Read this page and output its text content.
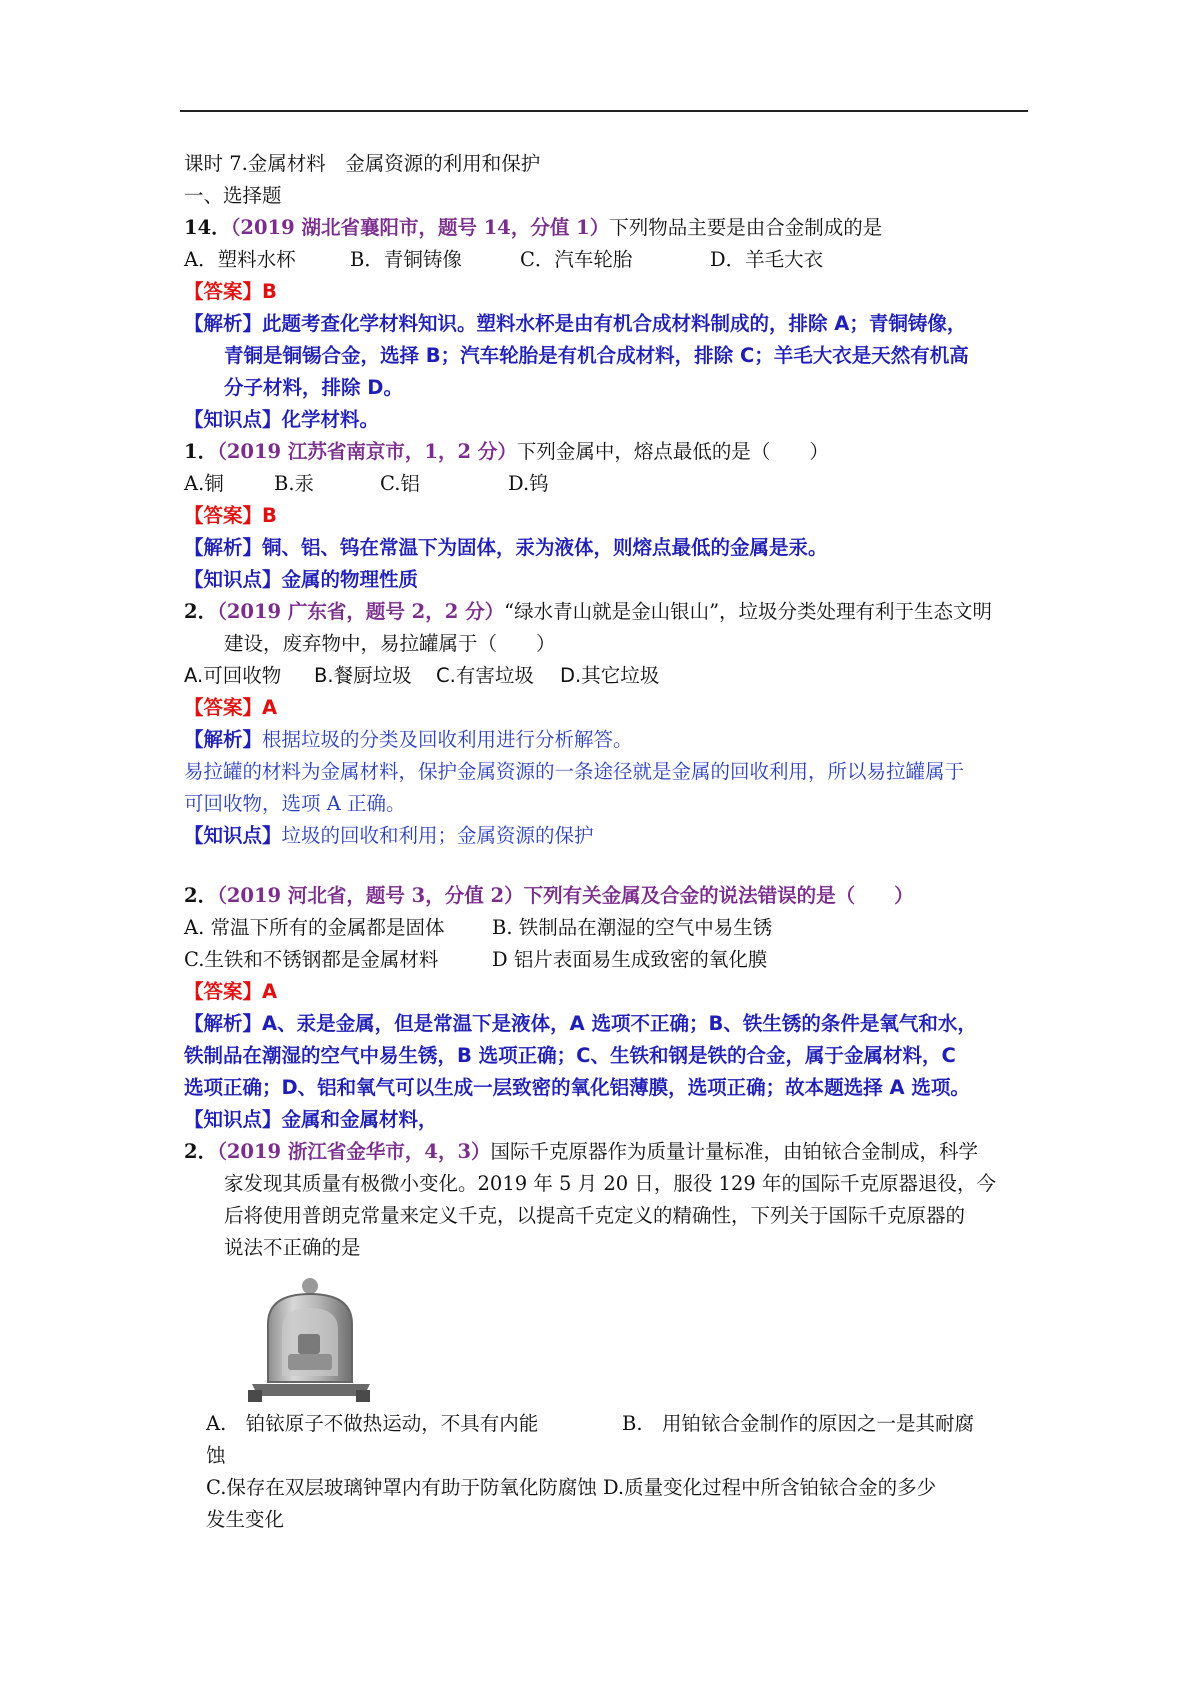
课时 7.金属材料　金属资源的利用和保护
一、选择题
14．（2019 湖北省襄阳市，题号 14，分值 1）下列物品主要是由合金制成的是
A．塑料水杯	B．青铜铸像	C．汽车轮胎	D．羊毛大衣
【答案】B
【解析】此题考查化学材料知识。塑料水杯是由有机合成材料制成的，排除 A；青铜铸像，
青铜是铜锡合金，选择 B；汽车轮胎是有机合成材料，排除 C；羊毛大衣是天然有机高
分子材料，排除 D。
【知识点】化学材料。
1．（2019 江苏省南京市，1，2 分）下列金属中，熔点最低的是（　　）
A.铜	B.汞	C.铝	D.钨
【答案】B
【解析】铜、铝、钨在常温下为固体，汞为液体，则熔点最低的金属是汞。
【知识点】金属的物理性质
2．（2019 广东省，题号 2，2 分）“绿水青山就是金山银山”，垃圾分类处理有利于生态文明
建设，废弃物中，易拉罐属于（　　）
A.可回收物 B.餐厨垃圾 C.有害垃圾 D.其它垃圾
【答案】A
【解析】根据垃圾的分类及回收利用进行分析解答。
易拉罐的材料为金属材料，保护金属资源的一条途径就是金属的回收利用，所以易拉罐属于
可回收物，选项 A 正确。
【知识点】垃圾的回收和利用；金属资源的保护
2．（2019 河北省，题号 3，分值 2）下列有关金属及合金的说法错误的是（　　）
A. 常温下所有的金属都是固体 B. 铁制品在潮湿的空气中易生锈
C.生铁和不锈钢都是金属材料	D 铝片表面易生成致密的氧化膜
【答案】A
【解析】A、汞是金属，但是常温下是液体，A 选项不正确；B、铁生锈的条件是氧气和水，
铁制品在潮湿的空气中易生锈，B 选项正确；C、生铁和钢是铁的合金，属于金属材料，C
选项正确；D、铝和氧气可以生成一层致密的氧化铝薄膜，选项正确；故本题选择 A 选项。
【知识点】金属和金属材料，
2．（2019 浙江省金华市，4，3）国际千克原器作为质量计量标准，由铂铱合金制成，科学
家发现其质量有极微小变化。2019 年 5 月 20 日，服役 129 年的国际千克原器退役，今
后将使用普朗克常量来定义千克，以提高千克定义的精确性，下列关于国际千克原器的
说法不正确的是
A.　铂铱原子不做热运动，不具有内能	B.　用铂铱合金制作的原因之一是其耐腐
蚀
C.保存在双层玻璃钟罩内有助于防氧化防腐蚀 D.质量变化过程中所含铂铱合金的多少
发生变化
